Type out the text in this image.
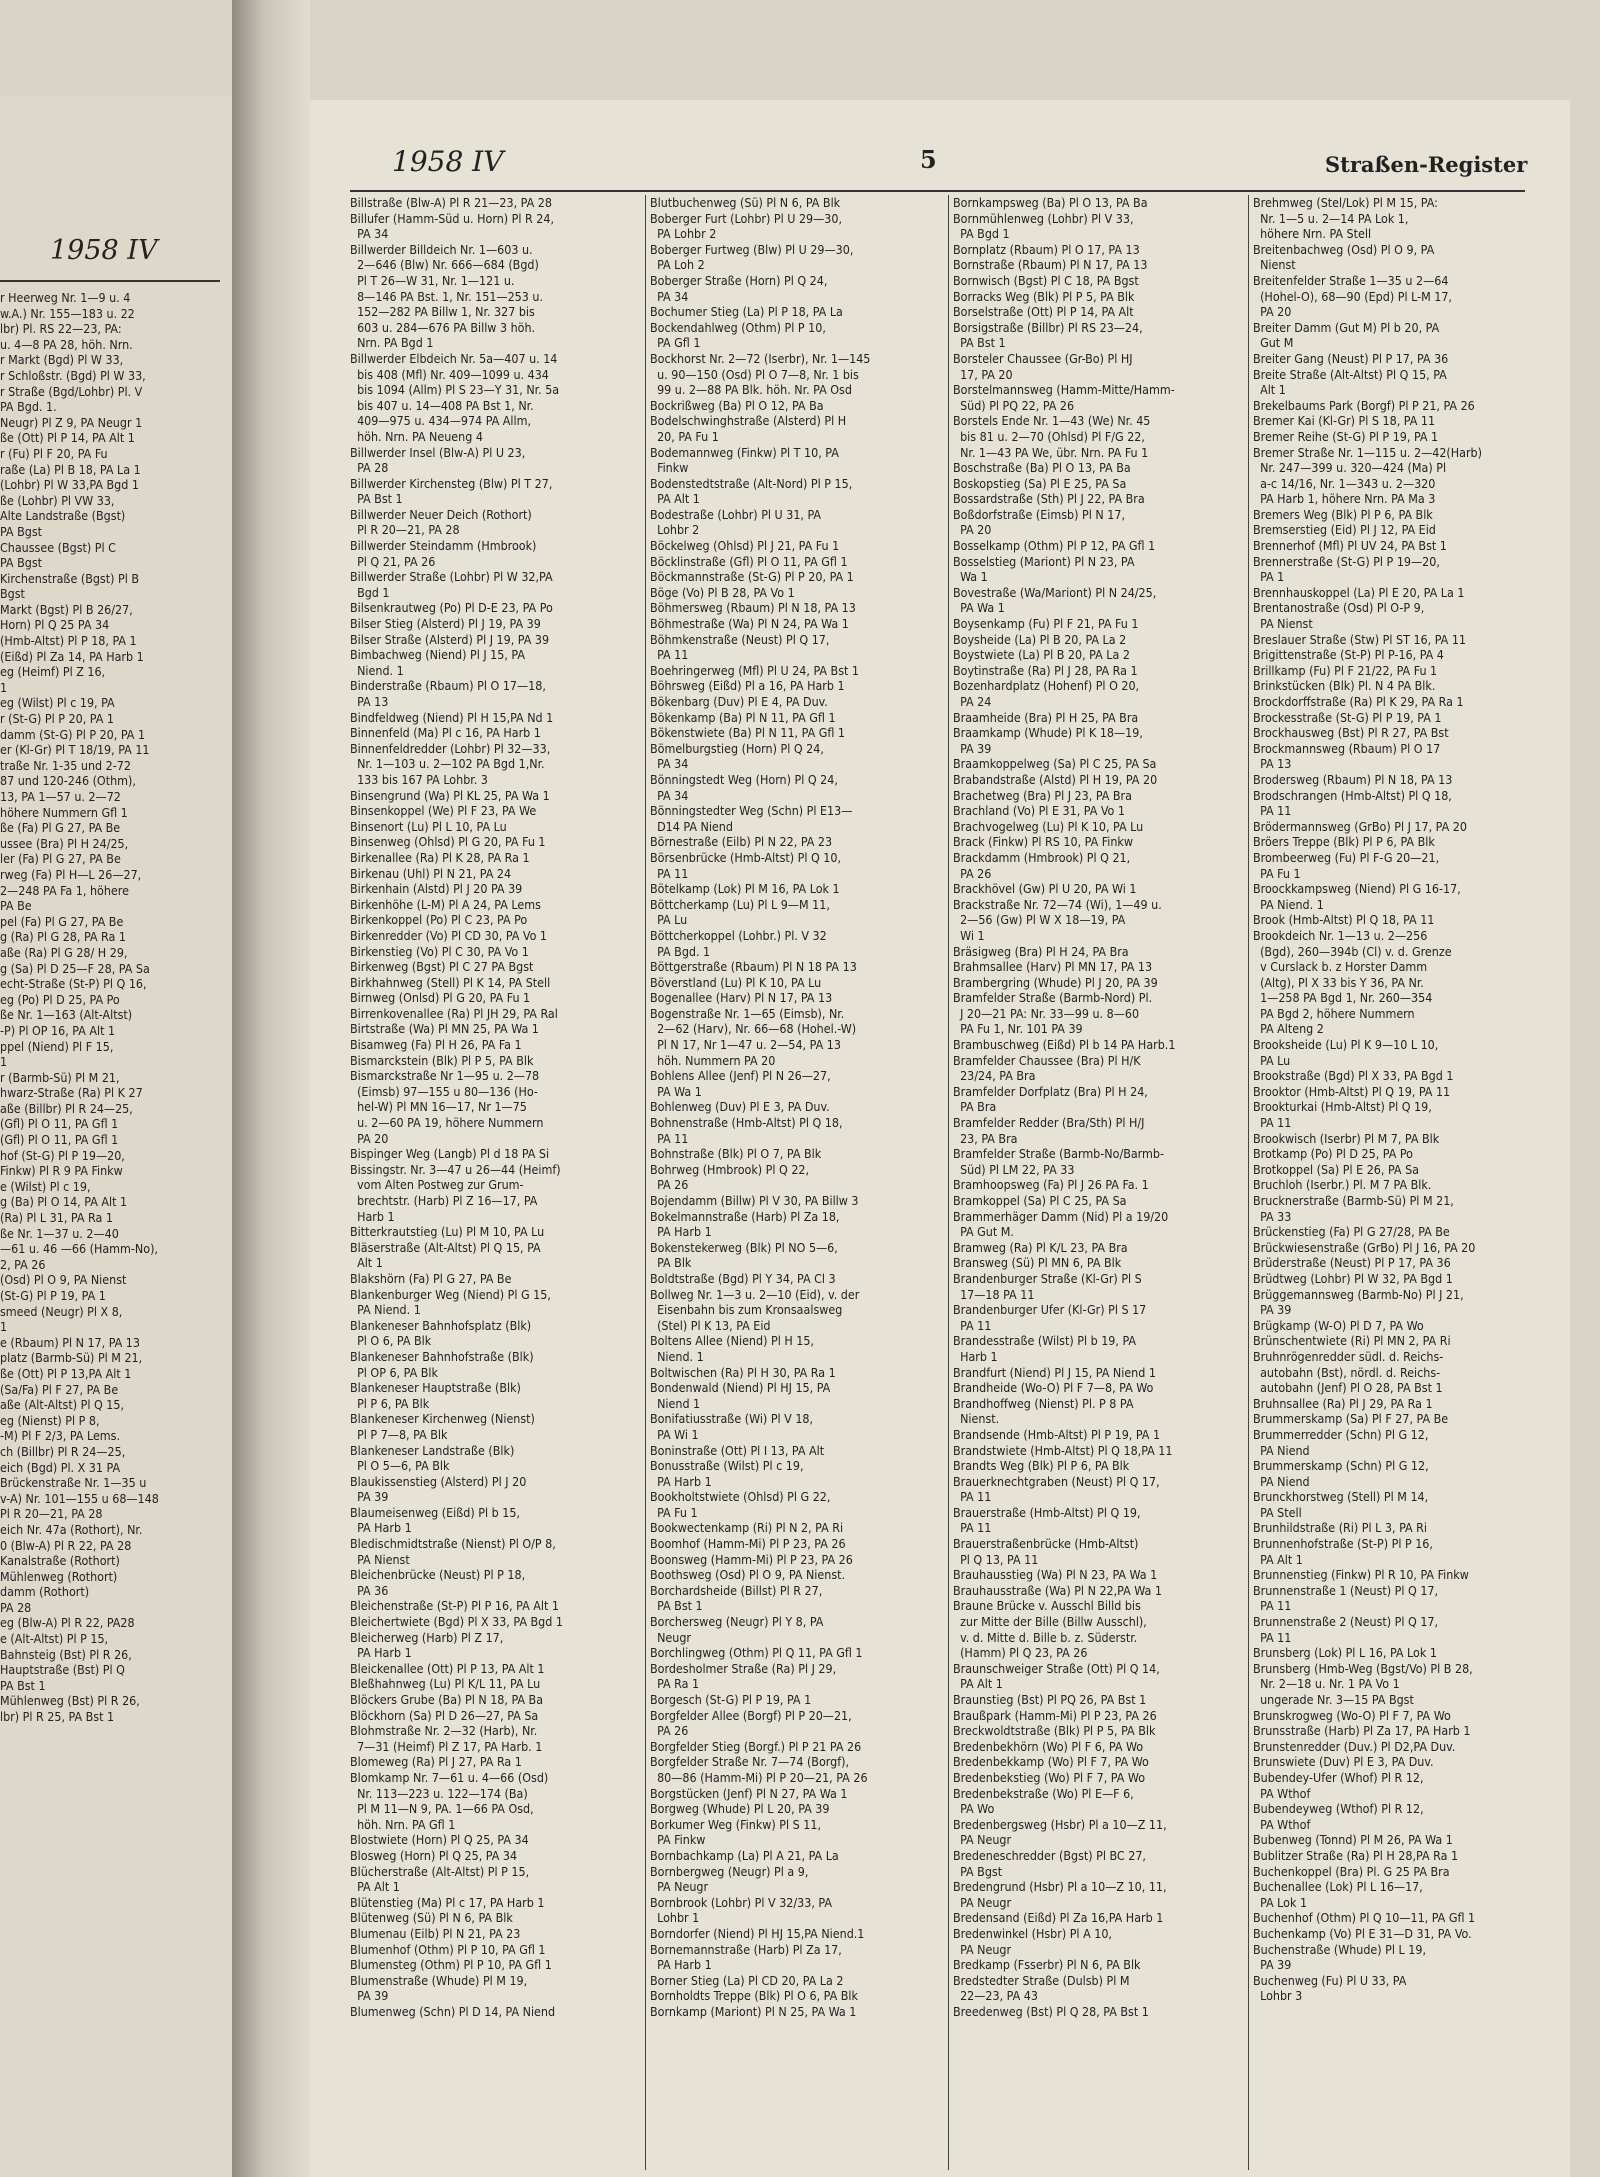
1958 IV
r Heerweg Nr. 1—9 u. 4
w.A.) Nr. 155—183 u. 22
lbr) Pl. RS 22—23, PA:
u. 4—8 PA 28, höh. Nrn.
r Markt (Bgd) Pl W 33,
r Schloßstr. (Bgd) Pl W 33,
r Straße (Bgd/Lohbr) Pl. V
PA Bgd. 1.
Neugr) Pl Z 9, PA Neugr 1
ße (Ott) Pl P 14, PA Alt 1
r (Fu) Pl F 20, PA Fu
raße (La) Pl B 18, PA La 1
(Lohbr) Pl W 33,PA Bgd 1
ße (Lohbr) Pl VW 33,
Alte Landstraße (Bgst)
PA Bgst
Chaussee (Bgst) Pl C
PA Bgst
Kirchenstraße (Bgst) Pl B
Bgst
Markt (Bgst) Pl B 26/27,
Horn) Pl Q 25 PA 34
(Hmb-Altst) Pl P 18, PA 1
(Eißd) Pl Za 14, PA Harb 1
eg (Heimf) Pl Z 16,
1
eg (Wilst) Pl c 19, PA
r (St-G) Pl P 20, PA 1
damm (St-G) Pl P 20, PA 1
er (Kl-Gr) Pl T 18/19, PA 11
traße Nr. 1-35 und 2-72
87 und 120-246 (Othm),
13, PA 1—57 u. 2—72
höhere Nummern Gfl 1
ße (Fa) Pl G 27, PA Be
ussee (Bra) Pl H 24/25,
ler (Fa) Pl G 27, PA Be
rweg (Fa) Pl H—L 26—27,
2—248 PA Fa 1, höhere
PA Be
pel (Fa) Pl G 27, PA Be
g (Ra) Pl G 28, PA Ra 1
aße (Ra) Pl G 28/ H 29,
g (Sa) Pl D 25—F 28, PA Sa
echt-Straße (St-P) Pl Q 16,
eg (Po) Pl D 25, PA Po
ße Nr. 1—163 (Alt-Altst)
-P) Pl OP 16, PA Alt 1
ppel (Niend) Pl F 15,
1
r (Barmb-Sü) Pl M 21,
hwarz-Straße (Ra) Pl K 27
aße (Billbr) Pl R 24—25,
(Gfl) Pl O 11, PA Gfl 1
(Gfl) Pl O 11, PA Gfl 1
hof (St-G) Pl P 19—20,
Finkw) Pl R 9 PA Finkw
e (Wilst) Pl c 19,
g (Ba) Pl O 14, PA Alt 1
(Ra) Pl L 31, PA Ra 1
ße Nr. 1—37 u. 2—40
—61 u. 46 —66 (Hamm-No),
2, PA 26
(Osd) Pl O 9, PA Nienst
(St-G) Pl P 19, PA 1
smeed (Neugr) Pl X 8,
1
e (Rbaum) Pl N 17, PA 13
platz (Barmb-Sü) Pl M 21,
ße (Ott) Pl P 13,PA Alt 1
(Sa/Fa) Pl F 27, PA Be
aße (Alt-Altst) Pl Q 15,
eg (Nienst) Pl P 8,
-M) Pl F 2/3, PA Lems.
ch (Billbr) Pl R 24—25,
eich (Bgd) Pl. X 31 PA
Brückenstraße Nr. 1—35 u
v-A) Nr. 101—155 u 68—148
Pl R 20—21, PA 28
eich Nr. 47a (Rothort), Nr.
0 (Blw-A) Pl R 22, PA 28
Kanalstraße (Rothort)
Mühlenweg (Rothort)
damm (Rothort)
PA 28
eg (Blw-A) Pl R 22, PA28
e (Alt-Altst) Pl P 15,
Bahnsteig (Bst) Pl R 26,
Hauptstraße (Bst) Pl Q
PA Bst 1
Mühlenweg (Bst) Pl R 26,
lbr) Pl R 25, PA Bst 1
1958 IV	5	Straßen-Register
Billstraße (Blw-A) Pl R 21—23, PA 28
Billufer (Hamm-Süd u. Horn) Pl R 24,
PA 34
Billwerder Billdeich Nr. 1—603 u.
2—646 (Blw) Nr. 666—684 (Bgd)
Pl T 26—W 31, Nr. 1—121 u.
8—146 PA Bst. 1, Nr. 151—253 u.
152—282 PA Billw 1, Nr. 327 bis
603 u. 284—676 PA Billw 3 höh.
Nrn. PA Bgd 1
Billwerder Elbdeich Nr. 5a—407 u. 14
bis 408 (Mfl) Nr. 409—1099 u. 434
bis 1094 (Allm) Pl S 23—Y 31, Nr. 5a
bis 407 u. 14—408 PA Bst 1, Nr.
409—975 u. 434—974 PA Allm,
höh. Nrn. PA Neueng 4
Billwerder Insel (Blw-A) Pl U 23,
PA 28
Billwerder Kirchensteg (Blw) Pl T 27,
PA Bst 1
Billwerder Neuer Deich (Rothort)
Pl R 20—21, PA 28
Billwerder Steindamm (Hmbrook)
Pl Q 21, PA 26
Billwerder Straße (Lohbr) Pl W 32,PA
Bgd 1
Bilsenkrautweg (Po) Pl D-E 23, PA Po
Bilser Stieg (Alsterd) Pl J 19, PA 39
Bilser Straße (Alsterd) Pl J 19, PA 39
Bimbachweg (Niend) Pl J 15, PA
Niend. 1
Binderstraße (Rbaum) Pl O 17—18,
PA 13
Bindfeldweg (Niend) Pl H 15,PA Nd 1
Binnenfeld (Ma) Pl c 16, PA Harb 1
Binnenfeldredder (Lohbr) Pl 32—33,
Nr. 1—103 u. 2—102 PA Bgd 1,Nr.
133 bis 167 PA Lohbr. 3
Binsengrund (Wa) Pl KL 25, PA Wa 1
Binsenkoppel (We) Pl F 23, PA We
Binsenort (Lu) Pl L 10, PA Lu
Binsenweg (Ohlsd) Pl G 20, PA Fu 1
Birkenallee (Ra) Pl K 28, PA Ra 1
Birkenau (Uhl) Pl N 21, PA 24
Birkenhain (Alstd) Pl J 20 PA 39
Birkenhöhe (L-M) Pl A 24, PA Lems
Birkenkoppel (Po) Pl C 23, PA Po
Birkenredder (Vo) Pl CD 30, PA Vo 1
Birkenstieg (Vo) Pl C 30, PA Vo 1
Birkenweg (Bgst) Pl C 27 PA Bgst
Birkhahnweg (Stell) Pl K 14, PA Stell
Birnweg (Onlsd) Pl G 20, PA Fu 1
Birrenkovenallee (Ra) Pl JH 29, PA Ral
Birtstraße (Wa) Pl MN 25, PA Wa 1
Bisamweg (Fa) Pl H 26, PA Fa 1
Bismarckstein (Blk) Pl P 5, PA Blk
Bismarckstraße Nr 1—95 u. 2—78
(Eimsb) 97—155 u 80—136 (Ho-
hel-W) Pl MN 16—17, Nr 1—75
u. 2—60 PA 19, höhere Nummern
PA 20
Bispinger Weg (Langb) Pl d 18 PA Si
Bissingstr. Nr. 3—47 u 26—44 (Heimf)
vom Alten Postweg zur Grum-
brechtstr. (Harb) Pl Z 16—17, PA
Harb 1
Bitterkrautstieg (Lu) Pl M 10, PA Lu
Bläserstraße (Alt-Altst) Pl Q 15, PA
Alt 1
Blakshörn (Fa) Pl G 27, PA Be
Blankenburger Weg (Niend) Pl G 15,
PA Niend. 1
Blankeneser Bahnhofsplatz (Blk)
Pl O 6, PA Blk
Blankeneser Bahnhofstraße (Blk)
Pl OP 6, PA Blk
Blankeneser Hauptstraße (Blk)
Pl P 6, PA Blk
Blankeneser Kirchenweg (Nienst)
Pl P 7—8, PA Blk
Blankeneser Landstraße (Blk)
Pl O 5—6, PA Blk
Blaukissenstieg (Alsterd) Pl J 20
PA 39
Blaumeisenweg (Eißd) Pl b 15,
PA Harb 1
Bledischmidtstraße (Nienst) Pl O/P 8,
PA Nienst
Bleichenbrücke (Neust) Pl P 18,
PA 36
Bleichenstraße (St-P) Pl P 16, PA Alt 1
Bleichertwiete (Bgd) Pl X 33, PA Bgd 1
Bleicherweg (Harb) Pl Z 17,
PA Harb 1
Bleickenallee (Ott) Pl P 13, PA Alt 1
Bleßhahnweg (Lu) Pl K/L 11, PA Lu
Blöckers Grube (Ba) Pl N 18, PA Ba
Blöckhorn (Sa) Pl D 26—27, PA Sa
Blohmstraße Nr. 2—32 (Harb), Nr.
7—31 (Heimf) Pl Z 17, PA Harb. 1
Blomeweg (Ra) Pl J 27, PA Ra 1
Blomkamp Nr. 7—61 u. 4—66 (Osd)
Nr. 113—223 u. 122—174 (Ba)
Pl M 11—N 9, PA. 1—66 PA Osd,
höh. Nrn. PA Gfl 1
Blostwiete (Horn) Pl Q 25, PA 34
Blosweg (Horn) Pl Q 25, PA 34
Blücherstraße (Alt-Altst) Pl P 15,
PA Alt 1
Blütenstieg (Ma) Pl c 17, PA Harb 1
Blütenweg (Sü) Pl N 6, PA Blk
Blumenau (Eilb) Pl N 21, PA 23
Blumenhof (Othm) Pl P 10, PA Gfl 1
Blumensteg (Othm) Pl P 10, PA Gfl 1
Blumenstraße (Whude) Pl M 19,
PA 39
Blumenweg (Schn) Pl D 14, PA Niend
Blutbuchenweg (Sü) Pl N 6, PA Blk
Boberger Furt (Lohbr) Pl U 29—30,
PA Lohbr 2
Boberger Furtweg (Blw) Pl U 29—30,
PA Loh 2
Boberger Straße (Horn) Pl Q 24,
PA 34
Bochumer Stieg (La) Pl P 18, PA La
Bockendahlweg (Othm) Pl P 10,
PA Gfl 1
Bockhorst Nr. 2—72 (Iserbr), Nr. 1—145
u. 90—150 (Osd) Pl O 7—8, Nr. 1 bis
99 u. 2—88 PA Blk. höh. Nr. PA Osd
Bockrißweg (Ba) Pl O 12, PA Ba
Bodelschwinghstraße (Alsterd) Pl H
20, PA Fu 1
Bodemannweg (Finkw) Pl T 10, PA
Finkw
Bodenstedtstraße (Alt-Nord) Pl P 15,
PA Alt 1
Bodestraße (Lohbr) Pl U 31, PA
Lohbr 2
Böckelweg (Ohlsd) Pl J 21, PA Fu 1
Böcklinstraße (Gfl) Pl O 11, PA Gfl 1
Böckmannstraße (St-G) Pl P 20, PA 1
Böge (Vo) Pl B 28, PA Vo 1
Böhmersweg (Rbaum) Pl N 18, PA 13
Böhmestraße (Wa) Pl N 24, PA Wa 1
Böhmkenstraße (Neust) Pl Q 17,
PA 11
Boehringerweg (Mfl) Pl U 24, PA Bst 1
Böhrsweg (Eißd) Pl a 16, PA Harb 1
Bökenbarg (Duv) Pl E 4, PA Duv.
Bökenkamp (Ba) Pl N 11, PA Gfl 1
Bökenstwiete (Ba) Pl N 11, PA Gfl 1
Bömelburgstieg (Horn) Pl Q 24,
PA 34
Bönningstedt Weg (Horn) Pl Q 24,
PA 34
Bönningstedter Weg (Schn) Pl E13—
D14 PA Niend
Börnestraße (Eilb) Pl N 22, PA 23
Börsenbrücke (Hmb-Altst) Pl Q 10,
PA 11
Bötelkamp (Lok) Pl M 16, PA Lok 1
Böttcherkamp (Lu) Pl L 9—M 11,
PA Lu
Böttcherkoppel (Lohbr.) Pl. V 32
PA Bgd. 1
Böttgerstraße (Rbaum) Pl N 18 PA 13
Böverstland (Lu) Pl K 10, PA Lu
Bogenallee (Harv) Pl N 17, PA 13
Bogenstraße Nr. 1—65 (Eimsb), Nr.
2—62 (Harv), Nr. 66—68 (Hohel.-W)
Pl N 17, Nr 1—47 u. 2—54, PA 13
höh. Nummern PA 20
Bohlens Allee (Jenf) Pl N 26—27,
PA Wa 1
Bohlenweg (Duv) Pl E 3, PA Duv.
Bohnenstraße (Hmb-Altst) Pl Q 18,
PA 11
Bohnstraße (Blk) Pl O 7, PA Blk
Bohrweg (Hmbrook) Pl Q 22,
PA 26
Bojendamm (Billw) Pl V 30, PA Billw 3
Bokelmannstraße (Harb) Pl Za 18,
PA Harb 1
Bokenstekerweg (Blk) Pl NO 5—6,
PA Blk
Boldtstraße (Bgd) Pl Y 34, PA Cl 3
Bollweg Nr. 1—3 u. 2—10 (Eid), v. der
Eisenbahn bis zum Kronsaalsweg
(Stel) Pl K 13, PA Eid
Boltens Allee (Niend) Pl H 15,
Niend. 1
Boltwischen (Ra) Pl H 30, PA Ra 1
Bondenwald (Niend) Pl HJ 15, PA
Niend 1
Bonifatiusstraße (Wi) Pl V 18,
PA Wi 1
Boninstraße (Ott) Pl I 13, PA Alt
Bonusstraße (Wilst) Pl c 19,
PA Harb 1
Bookholtstwiete (Ohlsd) Pl G 22,
PA Fu 1
Bookwectenkamp (Ri) Pl N 2, PA Ri
Boomhof (Hamm-Mi) Pl P 23, PA 26
Boonsweg (Hamm-Mi) Pl P 23, PA 26
Boothsweg (Osd) Pl O 9, PA Nienst.
Borchardsheide (Billst) Pl R 27,
PA Bst 1
Borchersweg (Neugr) Pl Y 8, PA
Neugr
Borchlingweg (Othm) Pl Q 11, PA Gfl 1
Bordesholmer Straße (Ra) Pl J 29,
PA Ra 1
Borgesch (St-G) Pl P 19, PA 1
Borgfelder Allee (Borgf) Pl P 20—21,
PA 26
Borgfelder Stieg (Borgf.) Pl P 21 PA 26
Borgfelder Straße Nr. 7—74 (Borgf),
80—86 (Hamm-Mi) Pl P 20—21, PA 26
Borgstücken (Jenf) Pl N 27, PA Wa 1
Borgweg (Whude) Pl L 20, PA 39
Borkumer Weg (Finkw) Pl S 11,
PA Finkw
Bornbachkamp (La) Pl A 21, PA La
Bornbergweg (Neugr) Pl a 9,
PA Neugr
Bornbrook (Lohbr) Pl V 32/33, PA
Lohbr 1
Borndorfer (Niend) Pl HJ 15,PA Niend.1
Bornemannstraße (Harb) Pl Za 17,
PA Harb 1
Borner Stieg (La) Pl CD 20, PA La 2
Bornholdts Treppe (Blk) Pl O 6, PA Blk
Bornkamp (Mariont) Pl N 25, PA Wa 1
Bornkampsweg (Ba) Pl O 13, PA Ba
Bornmühlenweg (Lohbr) Pl V 33,
PA Bgd 1
Bornplatz (Rbaum) Pl O 17, PA 13
Bornstraße (Rbaum) Pl N 17, PA 13
Bornwisch (Bgst) Pl C 18, PA Bgst
Borracks Weg (Blk) Pl P 5, PA Blk
Borselstraße (Ott) Pl P 14, PA Alt
Borsigstraße (Billbr) Pl RS 23—24,
PA Bst 1
Borsteler Chaussee (Gr-Bo) Pl HJ
17, PA 20
Borstelmannsweg (Hamm-Mitte/Hamm-
Süd) Pl PQ 22, PA 26
Borstels Ende Nr. 1—43 (We) Nr. 45
bis 81 u. 2—70 (Ohlsd) Pl F/G 22,
Nr. 1—43 PA We, übr. Nrn. PA Fu 1
Boschstraße (Ba) Pl O 13, PA Ba
Boskopstieg (Sa) Pl E 25, PA Sa
Bossardstraße (Sth) Pl J 22, PA Bra
Boßdorfstraße (Eimsb) Pl N 17,
PA 20
Bosselkamp (Othm) Pl P 12, PA Gfl 1
Bosselstieg (Mariont) Pl N 23, PA
Wa 1
Bovestraße (Wa/Mariont) Pl N 24/25,
PA Wa 1
Boysenkamp (Fu) Pl F 21, PA Fu 1
Boysheide (La) Pl B 20, PA La 2
Boystwiete (La) Pl B 20, PA La 2
Boytinstraße (Ra) Pl J 28, PA Ra 1
Bozenhardplatz (Hohenf) Pl O 20,
PA 24
Braamheide (Bra) Pl H 25, PA Bra
Braamkamp (Whude) Pl K 18—19,
PA 39
Braamkoppelweg (Sa) Pl C 25, PA Sa
Brabandstraße (Alstd) Pl H 19, PA 20
Brachetweg (Bra) Pl J 23, PA Bra
Brachland (Vo) Pl E 31, PA Vo 1
Brachvogelweg (Lu) Pl K 10, PA Lu
Brack (Finkw) Pl RS 10, PA Finkw
Brackdamm (Hmbrook) Pl Q 21,
PA 26
Brackhövel (Gw) Pl U 20, PA Wi 1
Brackstraße Nr. 72—74 (Wi), 1—49 u.
2—56 (Gw) Pl W X 18—19, PA
Wi 1
Bräsigweg (Bra) Pl H 24, PA Bra
Brahmsallee (Harv) Pl MN 17, PA 13
Brambergring (Whude) Pl J 20, PA 39
Bramfelder Straße (Barmb-Nord) Pl.
J 20—21 PA: Nr. 33—99 u. 8—60
PA Fu 1, Nr. 101 PA 39
Brambuschweg (Eißd) Pl b 14 PA Harb.1
Bramfelder Chaussee (Bra) Pl H/K
23/24, PA Bra
Bramfelder Dorfplatz (Bra) Pl H 24,
PA Bra
Bramfelder Redder (Bra/Sth) Pl H/J
23, PA Bra
Bramfelder Straße (Barmb-No/Barmb-
Süd) Pl LM 22, PA 33
Bramhoopsweg (Fa) Pl J 26 PA Fa. 1
Bramkoppel (Sa) Pl C 25, PA Sa
Brammerhäger Damm (Nid) Pl a 19/20
PA Gut M.
Bramweg (Ra) Pl K/L 23, PA Bra
Bransweg (Sü) Pl MN 6, PA Blk
Brandenburger Straße (Kl-Gr) Pl S
17—18 PA 11
Brandenburger Ufer (Kl-Gr) Pl S 17
PA 11
Brandesstraße (Wilst) Pl b 19, PA
Harb 1
Brandfurt (Niend) Pl J 15, PA Niend 1
Brandheide (Wo-O) Pl F 7—8, PA Wo
Brandhoffweg (Nienst) Pl. P 8 PA
Nienst.
Brandsende (Hmb-Altst) Pl P 19, PA 1
Brandstwiete (Hmb-Altst) Pl Q 18,PA 11
Brandts Weg (Blk) Pl P 6, PA Blk
Brauerknechtgraben (Neust) Pl Q 17,
PA 11
Brauerstraße (Hmb-Altst) Pl Q 19,
PA 11
Brauerstraßenbrücke (Hmb-Altst)
Pl Q 13, PA 11
Brauhausstieg (Wa) Pl N 23, PA Wa 1
Brauhausstraße (Wa) Pl N 22,PA Wa 1
Braune Brücke v. Ausschl Billd bis
zur Mitte der Bille (Billw Ausschl),
v. d. Mitte d. Bille b. z. Süderstr.
(Hamm) Pl Q 23, PA 26
Braunschweiger Straße (Ott) Pl Q 14,
PA Alt 1
Braunstieg (Bst) Pl PQ 26, PA Bst 1
Braußpark (Hamm-Mi) Pl P 23, PA 26
Breckwoldtstraße (Blk) Pl P 5, PA Blk
Bredenbekhörn (Wo) Pl F 6, PA Wo
Bredenbekkamp (Wo) Pl F 7, PA Wo
Bredenbekstieg (Wo) Pl F 7, PA Wo
Bredenbekstraße (Wo) Pl E—F 6,
PA Wo
Bredenbergsweg (Hsbr) Pl a 10—Z 11,
PA Neugr
Bredeneschredder (Bgst) Pl BC 27,
PA Bgst
Bredengrund (Hsbr) Pl a 10—Z 10, 11,
PA Neugr
Bredensand (Eißd) Pl Za 16,PA Harb 1
Bredenwinkel (Hsbr) Pl A 10,
PA Neugr
Bredkamp (Fsserbr) Pl N 6, PA Blk
Bredstedter Straße (Dulsb) Pl M
22—23, PA 43
Breedenweg (Bst) Pl Q 28, PA Bst 1
Brehmweg (Stel/Lok) Pl M 15, PA:
Nr. 1—5 u. 2—14 PA Lok 1,
höhere Nrn. PA Stell
Breitenbachweg (Osd) Pl O 9, PA
Nienst
Breitenfelder Straße 1—35 u 2—64
(Hohel-O), 68—90 (Epd) Pl L-M 17,
PA 20
Breiter Damm (Gut M) Pl b 20, PA
Gut M
Breiter Gang (Neust) Pl P 17, PA 36
Breite Straße (Alt-Altst) Pl Q 15, PA
Alt 1
Brekelbaums Park (Borgf) Pl P 21, PA 26
Bremer Kai (Kl-Gr) Pl S 18, PA 11
Bremer Reihe (St-G) Pl P 19, PA 1
Bremer Straße Nr. 1—115 u. 2—42(Harb)
Nr. 247—399 u. 320—424 (Ma) Pl
a-c 14/16, Nr. 1—343 u. 2—320
PA Harb 1, höhere Nrn. PA Ma 3
Bremers Weg (Blk) Pl P 6, PA Blk
Bremserstieg (Eid) Pl J 12, PA Eid
Brennerhof (Mfl) Pl UV 24, PA Bst 1
Brennerstraße (St-G) Pl P 19—20,
PA 1
Brennhauskoppel (La) Pl E 20, PA La 1
Brentanostraße (Osd) Pl O-P 9,
PA Nienst
Breslauer Straße (Stw) Pl ST 16, PA 11
Brigittenstraße (St-P) Pl P-16, PA 4
Brillkamp (Fu) Pl F 21/22, PA Fu 1
Brinkstücken (Blk) Pl. N 4 PA Blk.
Brockdorffstraße (Ra) Pl K 29, PA Ra 1
Brockesstraße (St-G) Pl P 19, PA 1
Brockhausweg (Bst) Pl R 27, PA Bst
Brockmannsweg (Rbaum) Pl O 17
PA 13
Brodersweg (Rbaum) Pl N 18, PA 13
Brodschrangen (Hmb-Altst) Pl Q 18,
PA 11
Brödermannsweg (GrBo) Pl J 17, PA 20
Bröers Treppe (Blk) Pl P 6, PA Blk
Brombeerweg (Fu) Pl F-G 20—21,
PA Fu 1
Broockkampsweg (Niend) Pl G 16-17,
PA Niend. 1
Brook (Hmb-Altst) Pl Q 18, PA 11
Brookdeich Nr. 1—13 u. 2—256
(Bgd), 260—394b (Cl) v. d. Grenze
v Curslack b. z Horster Damm
(Altg), Pl X 33 bis Y 36, PA Nr.
1—258 PA Bgd 1, Nr. 260—354
PA Bgd 2, höhere Nummern
PA Alteng 2
Brooksheide (Lu) Pl K 9—10 L 10,
PA Lu
Brookstraße (Bgd) Pl X 33, PA Bgd 1
Brooktor (Hmb-Altst) Pl Q 19, PA 11
Brookturkai (Hmb-Altst) Pl Q 19,
PA 11
Brookwisch (Iserbr) Pl M 7, PA Blk
Brotkamp (Po) Pl D 25, PA Po
Brotkoppel (Sa) Pl E 26, PA Sa
Bruchloh (Iserbr.) Pl. M 7 PA Blk.
Brucknerstraße (Barmb-Sü) Pl M 21,
PA 33
Brückenstieg (Fa) Pl G 27/28, PA Be
Brückwiesenstraße (GrBo) Pl J 16, PA 20
Brüderstraße (Neust) Pl P 17, PA 36
Brüdtweg (Lohbr) Pl W 32, PA Bgd 1
Brüggemannsweg (Barmb-No) Pl J 21,
PA 39
Brügkamp (W-O) Pl D 7, PA Wo
Brünschentwiete (Ri) Pl MN 2, PA Ri
Bruhnrögenredder südl. d. Reichs-
autobahn (Bst), nördl. d. Reichs-
autobahn (Jenf) Pl O 28, PA Bst 1
Bruhnsallee (Ra) Pl J 29, PA Ra 1
Brummerskamp (Sa) Pl F 27, PA Be
Brummerredder (Schn) Pl G 12,
PA Niend
Brummerskamp (Schn) Pl G 12,
PA Niend
Brunckhorstweg (Stell) Pl M 14,
PA Stell
Brunhildstraße (Ri) Pl L 3, PA Ri
Brunnenhofstraße (St-P) Pl P 16,
PA Alt 1
Brunnenstieg (Finkw) Pl R 10, PA Finkw
Brunnenstraße 1 (Neust) Pl Q 17,
PA 11
Brunnenstraße 2 (Neust) Pl Q 17,
PA 11
Brunsberg (Lok) Pl L 16, PA Lok 1
Brunsberg (Hmb-Weg (Bgst/Vo) Pl B 28,
Nr. 2—18 u. Nr. 1 PA Vo 1
ungerade Nr. 3—15 PA Bgst
Brunskrogweg (Wo-O) Pl F 7, PA Wo
Brunsstraße (Harb) Pl Za 17, PA Harb 1
Brunstenredder (Duv.) Pl D2,PA Duv.
Brunswiete (Duv) Pl E 3, PA Duv.
Bubendey-Ufer (Whof) Pl R 12,
PA Wthof
Bubendeyweg (Wthof) Pl R 12,
PA Wthof
Bubenweg (Tonnd) Pl M 26, PA Wa 1
Bublitzer Straße (Ra) Pl H 28,PA Ra 1
Buchenkoppel (Bra) Pl. G 25 PA Bra
Buchenallee (Lok) Pl L 16—17,
PA Lok 1
Buchenhof (Othm) Pl Q 10—11, PA Gfl 1
Buchenkamp (Vo) Pl E 31—D 31, PA Vo.
Buchenstraße (Whude) Pl L 19,
PA 39
Buchenweg (Fu) Pl U 33, PA
Lohbr 3
